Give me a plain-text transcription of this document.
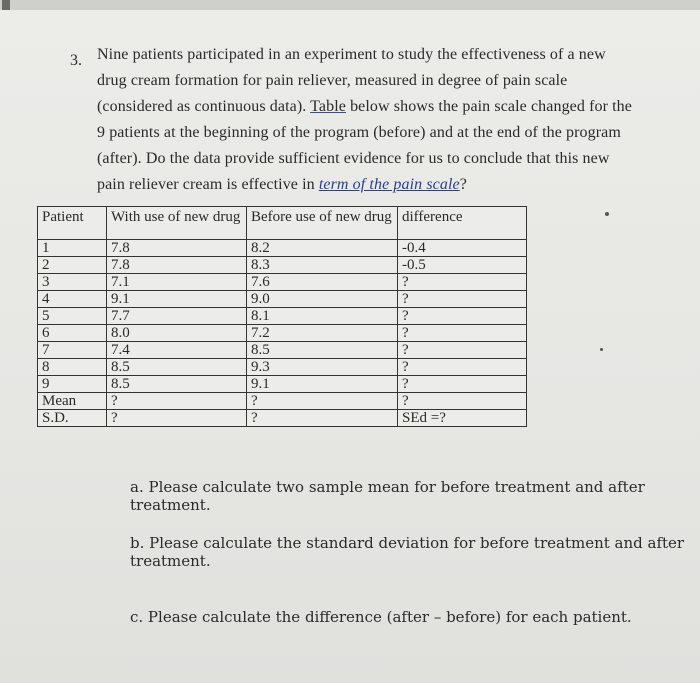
3. Nine patients participated in an experiment to study the effectiveness of a new drug cream formation for pain reliever, measured in degree of pain scale (considered as continuous data). Table below shows the pain scale changed for the 9 patients at the beginning of the program (before) and at the end of the program (after). Do the data provide sufficient evidence for us to conclude that this new pain reliever cream is effective in term of the pain scale?
Patient	With use of new drug	Before use of new drug	difference
1	7.8	8.2	-0.4
2	7.8	8.3	-0.5
3	7.1	7.6	?
4	9.1	9.0	?
5	7.7	8.1	?
6	8.0	7.2	?
7	7.4	8.5	?
8	8.5	9.3	?
9	8.5	9.1	?
Mean	?	?	?
S.D.	?	?	SEd =?
a. Please calculate two sample mean for before treatment and after treatment.
b. Please calculate the standard deviation for before treatment and after treatment.
c. Please calculate the difference (after – before) for each patient.
